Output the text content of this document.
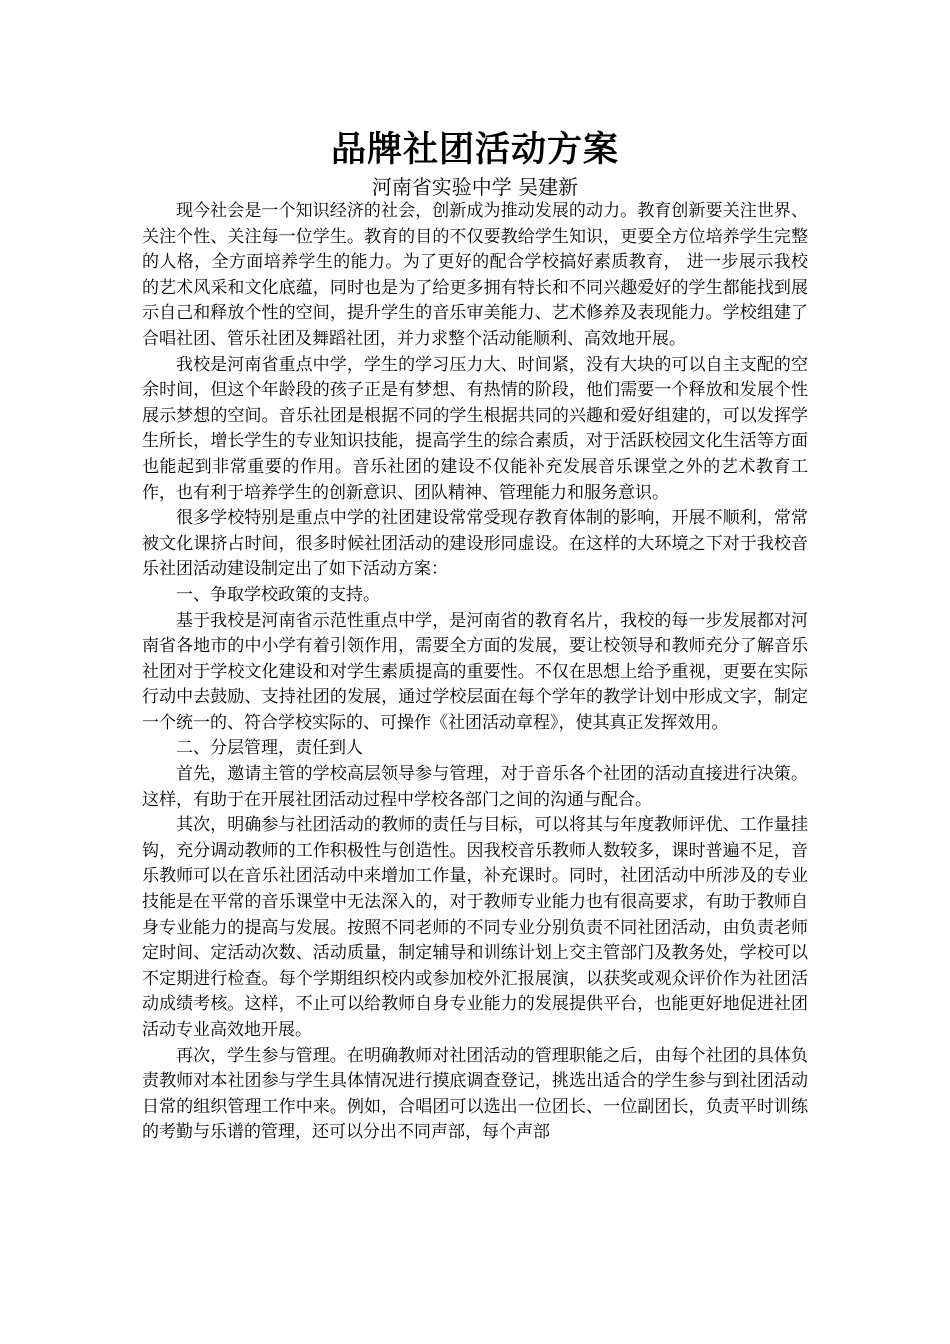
品牌社团活动方案

河南省实验中学 吴建新

现今社会是一个知识经济的社会，创新成为推动发展的动力。教育创新要关注世界、关注个性、关注每一位学生。教育的目的不仅要教给学生知识，更要全方位培养学生完整的人格，全方面培养学生的能力。为了更好的配合学校搞好素质教育， 进一步展示我校的艺术风采和文化底蕴，同时也是为了给更多拥有特长和不同兴趣爱好的学生都能找到展示自己和释放个性的空间，提升学生的音乐审美能力、艺术修养及表现能力。学校组建了合唱社团、管乐社团及舞蹈社团，并力求整个活动能顺利、高效地开展。

我校是河南省重点中学，学生的学习压力大、时间紧，没有大块的可以自主支配的空余时间，但这个年龄段的孩子正是有梦想、有热情的阶段，他们需要一个释放和发展个性展示梦想的空间。音乐社团是根据不同的学生根据共同的兴趣和爱好组建的，可以发挥学生所长，增长学生的专业知识技能，提高学生的综合素质，对于活跃校园文化生活等方面也能起到非常重要的作用。音乐社团的建设不仅能补充发展音乐课堂之外的艺术教育工作，也有利于培养学生的创新意识、团队精神、管理能力和服务意识。

很多学校特别是重点中学的社团建设常常受现存教育体制的影响，开展不顺利，常常被文化课挤占时间，很多时候社团活动的建设形同虚设。在这样的大环境之下对于我校音乐社团活动建设制定出了如下活动方案：

一、争取学校政策的支持。

基于我校是河南省示范性重点中学，是河南省的教育名片，我校的每一步发展都对河南省各地市的中小学有着引领作用，需要全方面的发展，要让校领导和教师充分了解音乐社团对于学校文化建设和对学生素质提高的重要性。不仅在思想上给予重视，更要在实际行动中去鼓励、支持社团的发展，通过学校层面在每个学年的教学计划中形成文字，制定一个统一的、符合学校实际的、可操作《社团活动章程》，使其真正发挥效用。

二、分层管理，责任到人

首先，邀请主管的学校高层领导参与管理，对于音乐各个社团的活动直接进行决策。这样，有助于在开展社团活动过程中学校各部门之间的沟通与配合。

其次，明确参与社团活动的教师的责任与目标，可以将其与年度教师评优、工作量挂钩，充分调动教师的工作积极性与创造性。因我校音乐教师人数较多，课时普遍不足，音乐教师可以在音乐社团活动中来增加工作量，补充课时。同时，社团活动中所涉及的专业技能是在平常的音乐课堂中无法深入的，对于教师专业能力也有很高要求，有助于教师自身专业能力的提高与发展。按照不同老师的不同专业分别负责不同社团活动，由负责老师定时间、定活动次数、活动质量，制定辅导和训练计划上交主管部门及教务处，学校可以不定期进行检查。每个学期组织校内或参加校外汇报展演，以获奖或观众评价作为社团活动成绩考核。这样，不止可以给教师自身专业能力的发展提供平台，也能更好地促进社团活动专业高效地开展。

再次，学生参与管理。在明确教师对社团活动的管理职能之后，由每个社团的具体负责教师对本社团参与学生具体情况进行摸底调查登记，挑选出适合的学生参与到社团活动日常的组织管理工作中来。例如，合唱团可以选出一位团长、一位副团长，负责平时训练的考勤与乐谱的管理，还可以分出不同声部，每个声部
